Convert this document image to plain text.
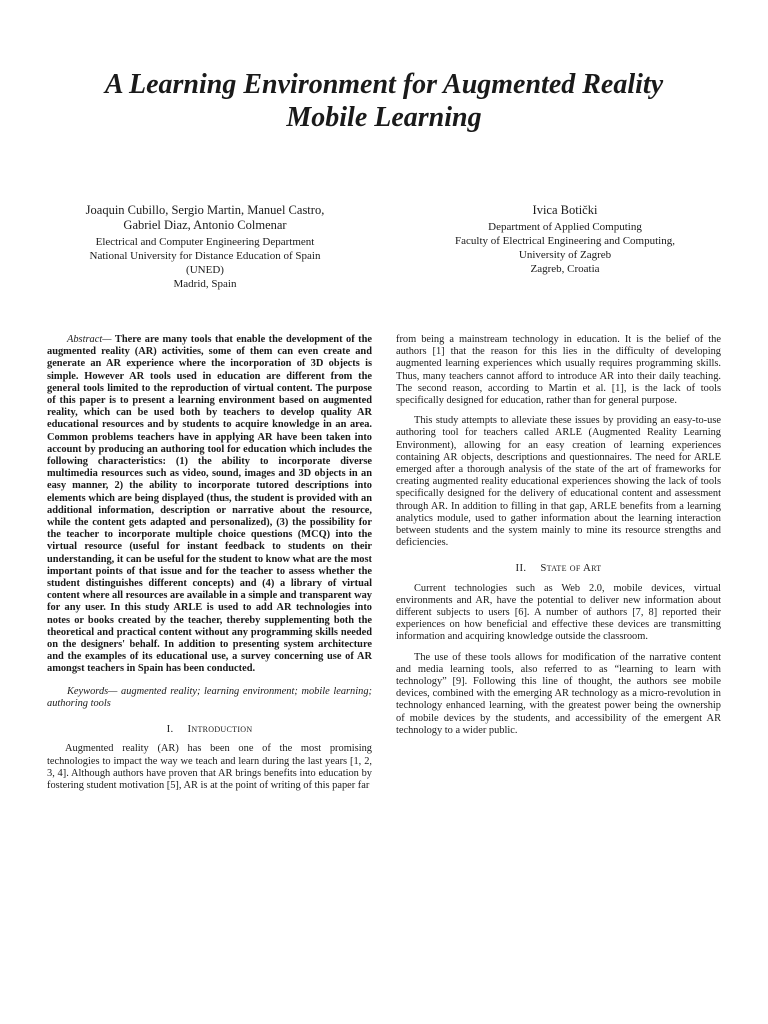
A Learning Environment for Augmented Reality
Mobile Learning
Joaquin Cubillo, Sergio Martin, Manuel Castro,
Gabriel Diaz, Antonio Colmenar
Electrical and Computer Engineering Department
National University for Distance Education of Spain
(UNED)
Madrid, Spain
Ivica Botički
Department of Applied Computing
Faculty of Electrical Engineering and Computing,
University of Zagreb
Zagreb, Croatia

Abstract— There are many tools that enable the development of the augmented reality (AR) activities, some of them can even create and generate an AR experience where the incorporation of 3D objects is simple. However AR tools used in education are different from the general tools limited to the reproduction of virtual content. The purpose of this paper is to present a learning environment based on augmented reality, which can be used both by teachers to develop quality AR educational resources and by students to acquire knowledge in an area. Common problems teachers have in applying AR have been taken into account by producing an authoring tool for education which includes the following characteristics: (1) the ability to incorporate diverse multimedia resources such as video, sound, images and 3D objects in an easy manner, 2) the ability to incorporate tutored descriptions into elements which are being displayed (thus, the student is provided with an additional information, description or narrative about the resource, while the content gets adapted and personalized), (3) the possibility for the teacher to incorporate multiple choice questions (MCQ) into the virtual resource (useful for instant feedback to students on their understanding, it can be useful for the student to know what are the most important points of that issue and for the teacher to assess whether the student distinguishes different concepts) and (4) a library of virtual content where all resources are available in a simple and transparent way for any user. In this study ARLE is used to add AR technologies into notes or books created by the teacher, thereby supplementing both the theoretical and practical content without any programming skills needed on the designers' behalf. In addition to presenting system architecture and the examples of its educational use, a survey concerning use of AR amongst teachers in Spain has been conducted.

Keywords— augmented reality; learning environment; mobile learning; authoring tools

I. Introduction

Augmented reality (AR) has been one of the most promising technologies to impact the way we teach and learn during the last years [1, 2, 3, 4]. Although authors have proven that AR brings benefits into education by fostering student motivation [5], AR is at the point of writing of this paper far

from being a mainstream technology in education. It is the belief of the authors [1] that the reason for this lies in the difficulty of developing augmented learning experiences which usually requires programming skills. Thus, many teachers cannot afford to introduce AR into their daily teaching. The second reason, according to Martin et al. [1], is the lack of tools specifically designed for education, rather than for general purpose.

This study attempts to alleviate these issues by providing an easy-to-use authoring tool for teachers called ARLE (Augmented Reality Learning Environment), allowing for an easy creation of learning experiences containing AR objects, descriptions and questionnaires. The need for ARLE emerged after a thorough analysis of the state of the art of frameworks for creating augmented reality educational experiences showing the lack of tools specifically designed for the delivery of educational content and assessment through AR. In addition to filling in that gap, ARLE benefits from a learning analytics module, used to gather information about the learning interaction between students and the system mainly to mine its resource strengths and deficiencies.

II. State of Art

Current technologies such as Web 2.0, mobile devices, virtual environments and AR, have the potential to deliver new information about different subjects to users [6]. A number of authors [7, 8] reported their experiences on how beneficial and effective these devices are transmitting information and acquiring knowledge outside the classroom.

The use of these tools allows for modification of the narrative content and media learning tools, also referred to as “learning to learn with technology” [9]. Following this line of thought, the authors see mobile devices, combined with the emerging AR technology as a micro-revolution in technology enhanced learning, with the greatest power being the ownership of mobile devices by the students, and accessibility of the emergent AR technology to a wider public.
